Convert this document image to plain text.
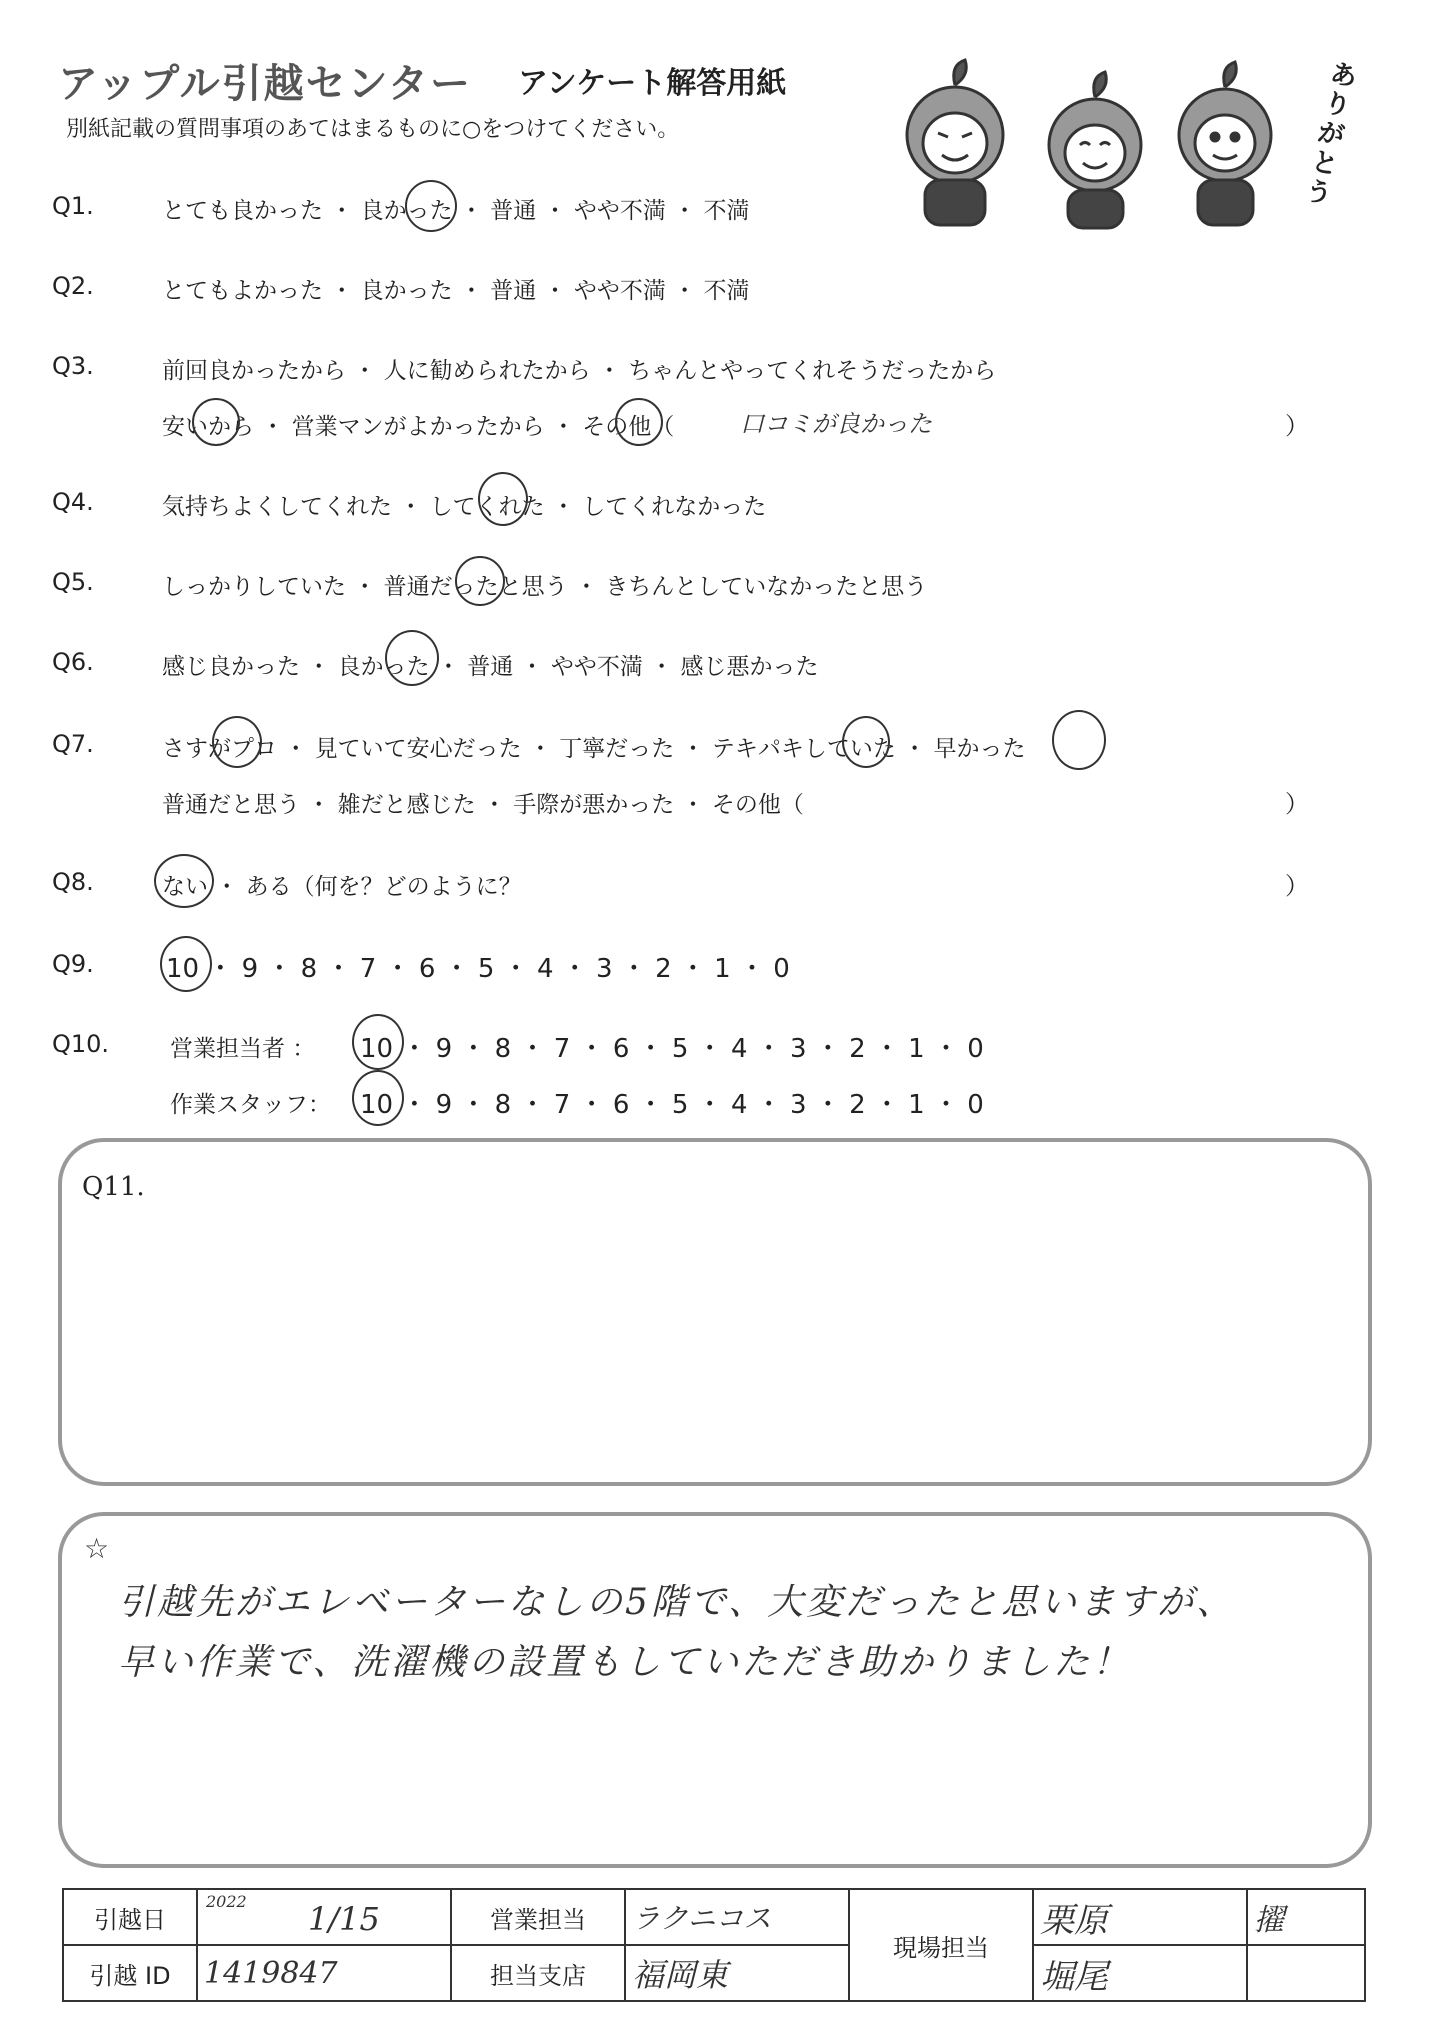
アップル引越センター アンケート解答用紙
別紙記載の質問事項のあてはまるものに○をつけてください。
ありがとう
Q1.	とても良かった ・ 良かった ・ 普通 ・ やや不満 ・ 不満
Q2.	とてもよかった ・ 良かった ・ 普通 ・ やや不満 ・ 不満
Q3.	前回良かったから ・ 人に勧められたから ・ ちゃんとやってくれそうだったから
安いから ・ 営業マンがよかったから ・ その他（	口コミが良かった	）
Q4.	気持ちよくしてくれた ・ してくれた ・ してくれなかった
Q5.	しっかりしていた ・ 普通だったと思う ・ きちんとしていなかったと思う
Q6.	感じ良かった ・ 良かった ・ 普通 ・ やや不満 ・ 感じ悪かった
Q7.	さすがプロ ・ 見ていて安心だった ・ 丁寧だった ・ テキパキしていた ・ 早かった
普通だと思う ・ 雑だと感じた ・ 手際が悪かった ・ その他（	）
Q8.	ない ・ ある（何を？どのように？	）
Q9.	10 ・ 9 ・ 8 ・ 7 ・ 6 ・ 5 ・ 4 ・ 3 ・ 2 ・ 1 ・ 0
Q10.	営業担当者 ： 10 ・ 9 ・ 8 ・ 7 ・ 6 ・ 5 ・ 4 ・ 3 ・ 2 ・ 1 ・ 0
作業スタッフ： 10 ・ 9 ・ 8 ・ 7 ・ 6 ・ 5 ・ 4 ・ 3 ・ 2 ・ 1 ・ 0
Q11.
☆
引越先がエレベーターなしの5階で、大変だったと思いますが、
早い作業で、洗濯機の設置もしていただき助かりました！
引越日	2022 1/15	営業担当	ラクニコス	現場担当	栗原	擢
引越 ID	1419847	担当支店	福岡東		堀尾	
